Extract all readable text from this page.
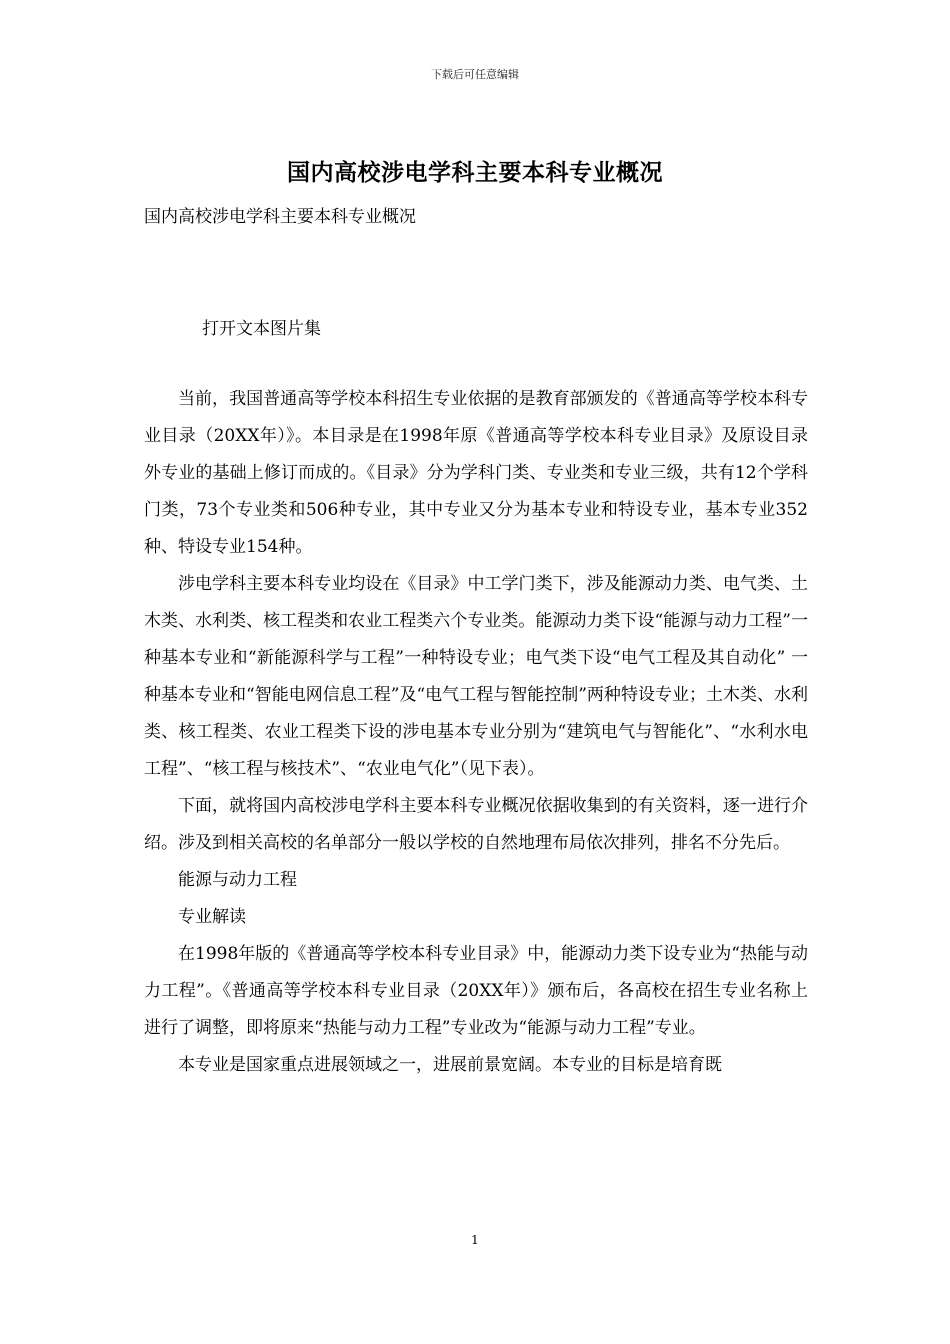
下载后可任意编辑
国内高校涉电学科主要本科专业概况
国内高校涉电学科主要本科专业概况
打开文本图片集

当前，我国普通高等学校本科招生专业依据的是教育部颁发的《普通高等学校本科专业目录（20XX年）》。本目录是在1998年原《普通高等学校本科专业目录》及原设目录外专业的基础上修订而成的。《目录》分为学科门类、专业类和专业三级，共有12个学科门类，73个专业类和506种专业，其中专业又分为基本专业和特设专业，基本专业352种、特设专业154种。

涉电学科主要本科专业均设在《目录》中工学门类下，涉及能源动力类、电气类、土木类、水利类、核工程类和农业工程类六个专业类。能源动力类下设“能源与动力工程”一种基本专业和“新能源科学与工程”一种特设专业；电气类下设“电气工程及其自动化” 一种基本专业和“智能电网信息工程”及“电气工程与智能控制”两种特设专业；土木类、水利类、核工程类、农业工程类下设的涉电基本专业分别为“建筑电气与智能化”、“水利水电工程”、“核工程与核技术”、“农业电气化”（见下表）。

下面，就将国内高校涉电学科主要本科专业概况依据收集到的有关资料，逐一进行介绍。涉及到相关高校的名单部分一般以学校的自然地理布局依次排列，排名不分先后。

能源与动力工程

专业解读

在1998年版的《普通高等学校本科专业目录》中，能源动力类下设专业为“热能与动力工程”。《普通高等学校本科专业目录（20XX年）》颁布后，各高校在招生专业名称上进行了调整，即将原来“热能与动力工程”专业改为“能源与动力工程”专业。

本专业是国家重点进展领域之一，进展前景宽阔。本专业的目标是培育既

1
